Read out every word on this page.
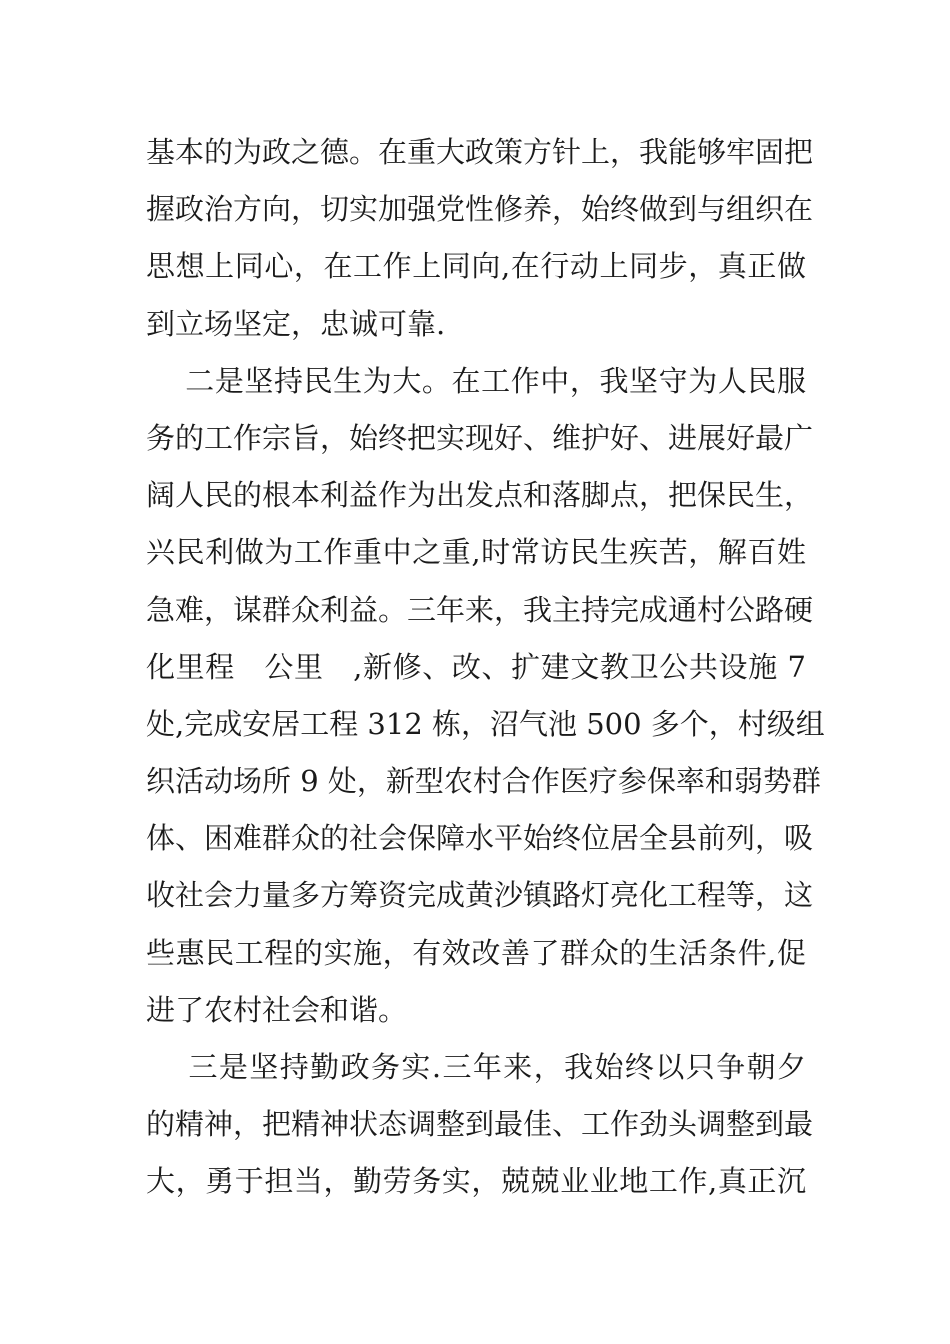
基本的为政之德。在重大政策方针上，我能够牢固把
握政治方向，切实加强党性修养，始终做到与组织在
思想上同心，在工作上同向,在行动上同步，真正做
到立场坚定，忠诚可靠.
二是坚持民生为大。在工作中，我坚守为人民服
务的工作宗旨，始终把实现好、维护好、进展好最广
阔人民的根本利益作为出发点和落脚点，把保民生，
兴民利做为工作重中之重,时常访民生疾苦，解百姓
急难，谋群众利益。三年来，我主持完成通村公路硬
化里程   公里   ,新修、改、扩建文教卫公共设施 7
处,完成安居工程 312 栋，沼气池 500 多个，村级组
织活动场所 9 处，新型农村合作医疗参保率和弱势群
体、困难群众的社会保障水平始终位居全县前列，吸
收社会力量多方筹资完成黄沙镇路灯亮化工程等，这
些惠民工程的实施，有效改善了群众的生活条件,促
进了农村社会和谐。
三是坚持勤政务实.三年来，我始终以只争朝夕
的精神，把精神状态调整到最佳、工作劲头调整到最
大，勇于担当，勤劳务实，兢兢业业地工作,真正沉
